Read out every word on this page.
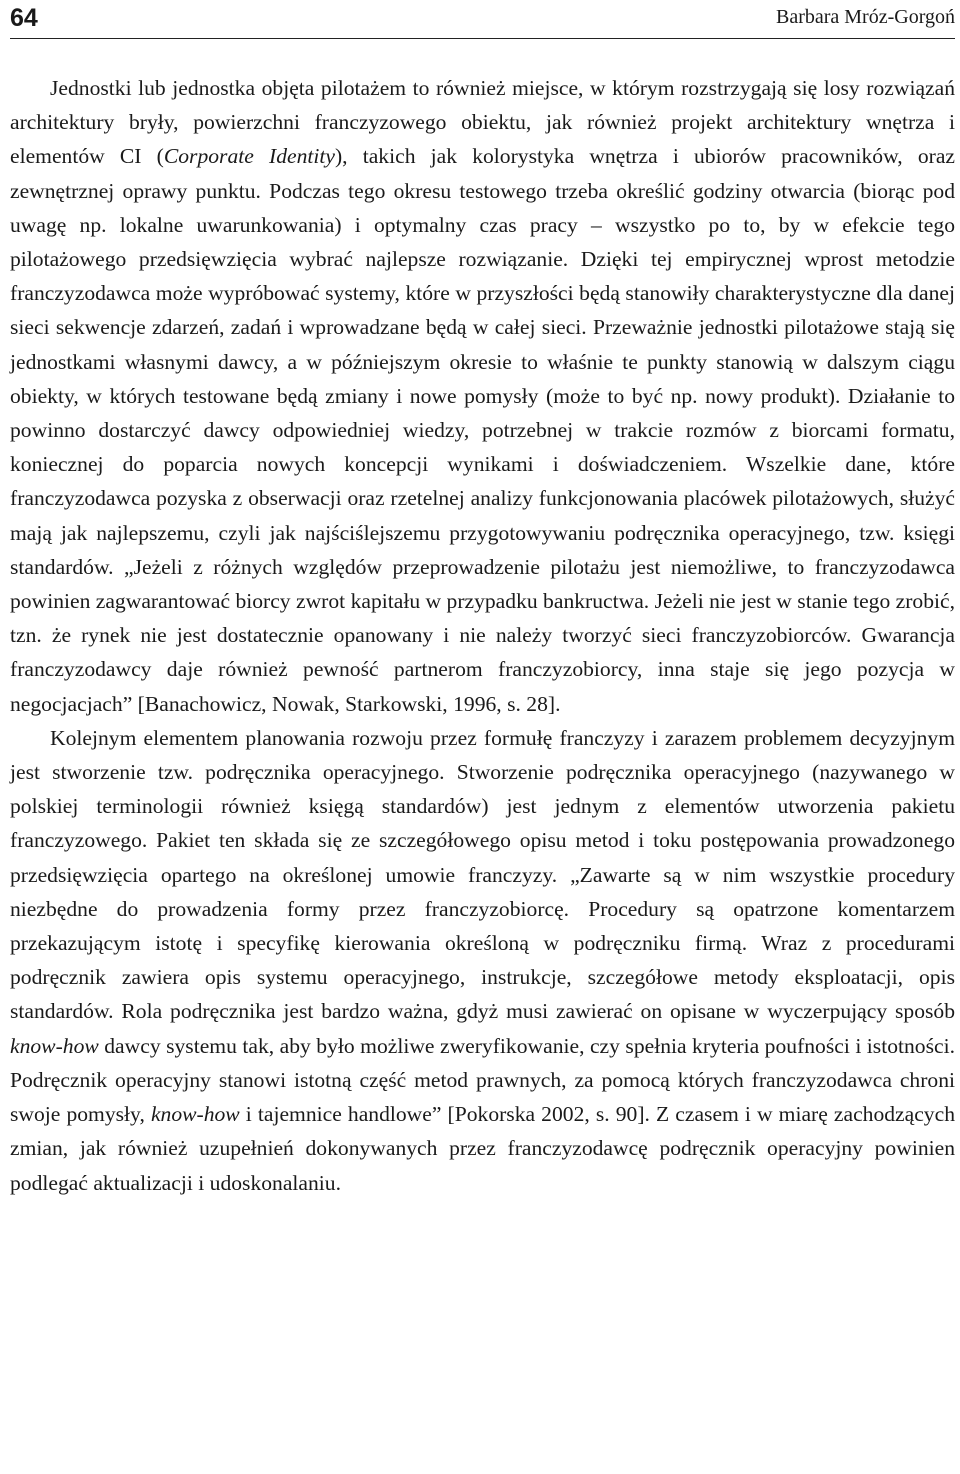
64	Barbara Mróz-Gorgoń

Jednostki lub jednostka objęta pilotażem to również miejsce, w którym rozstrzygają się losy rozwiązań architektury bryły, powierzchni franczyzowego obiektu, jak również projekt architektury wnętrza i elementów CI (Corporate Identity), takich jak kolorystyka wnętrza i ubiorów pracowników, oraz zewnętrznej oprawy punktu. Podczas tego okresu testowego trzeba określić godziny otwarcia (biorąc pod uwagę np. lokalne uwarunkowania) i optymalny czas pracy – wszystko po to, by w efekcie tego pilotażowego przedsięwzięcia wybrać najlepsze rozwiązanie. Dzięki tej empirycznej wprost metodzie franczyzodawca może wypróbować systemy, które w przyszłości będą stanowiły charakterystyczne dla danej sieci sekwencje zdarzeń, zadań i wprowadzane będą w całej sieci. Przeważnie jednostki pilotażowe stają się jednostkami własnymi dawcy, a w późniejszym okresie to właśnie te punkty stanowią w dalszym ciągu obiekty, w których testowane będą zmiany i nowe pomysły (może to być np. nowy produkt). Działanie to powinno dostarczyć dawcy odpowiedniej wiedzy, potrzebnej w trakcie rozmów z biorcami formatu, koniecznej do poparcia nowych koncepcji wynikami i doświadczeniem. Wszelkie dane, które franczyzodawca pozyska z obserwacji oraz rzetelnej analizy funkcjonowania placówek pilotażowych, służyć mają jak najlepszemu, czyli jak najściślejszemu przygotowywaniu podręcznika operacyjnego, tzw. księgi standardów. „Jeżeli z różnych względów przeprowadzenie pilotażu jest niemożliwe, to franczyzodawca powinien zagwarantować biorcy zwrot kapitału w przypadku bankructwa. Jeżeli nie jest w stanie tego zrobić, tzn. że rynek nie jest dostatecznie opanowany i nie należy tworzyć sieci franczyzobiorców. Gwarancja franczyzodawcy daje również pewność partnerom franczyzobiorcy, inna staje się jego pozycja w negocjacjach” [Banachowicz, Nowak, Starkowski, 1996, s. 28].

Kolejnym elementem planowania rozwoju przez formułę franczyzy i zarazem problemem decyzyjnym jest stworzenie tzw. podręcznika operacyjnego. Stworzenie podręcznika operacyjnego (nazywanego w polskiej terminologii również księgą standardów) jest jednym z elementów utworzenia pakietu franczyzowego. Pakiet ten składa się ze szczegółowego opisu metod i toku postępowania prowadzonego przedsięwzięcia opartego na określonej umowie franczyzy. „Zawarte są w nim wszystkie procedury niezbędne do prowadzenia formy przez franczyzobiorcę. Procedury są opatrzone komentarzem przekazującym istotę i specyfikę kierowania określoną w podręczniku firmą. Wraz z procedurami podręcznik zawiera opis systemu operacyjnego, instrukcje, szczegółowe metody eksploatacji, opis standardów. Rola podręcznika jest bardzo ważna, gdyż musi zawierać on opisane w wyczerpujący sposób know-how dawcy systemu tak, aby było możliwe zweryfikowanie, czy spełnia kryteria poufności i istotności. Podręcznik operacyjny stanowi istotną część metod prawnych, za pomocą których franczyzodawca chroni swoje pomysły, know-how i tajemnice handlowe” [Pokorska 2002, s. 90]. Z czasem i w miarę zachodzących zmian, jak również uzupełnień dokonywanych przez franczyzodawcę podręcznik operacyjny powinien podlegać aktualizacji i udoskonalaniu.
